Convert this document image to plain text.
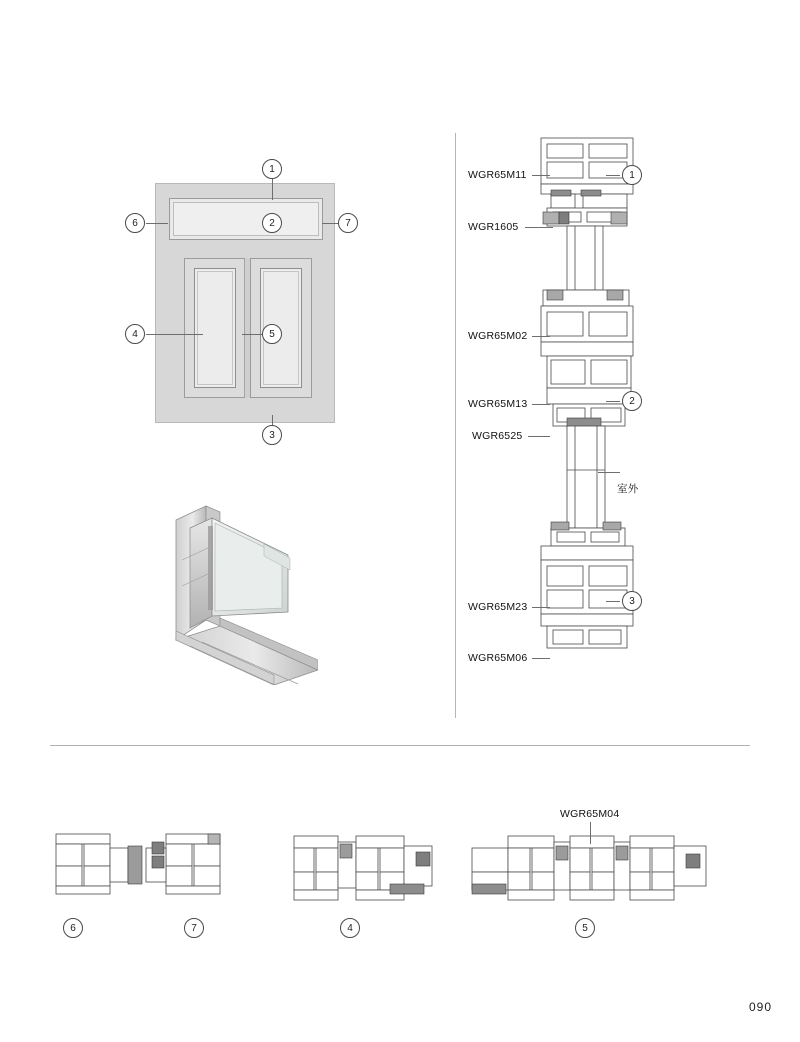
1
2
3
4	5
6	7
WGR65M11
WGR1605
WGR65M02
WGR65M13
WGR6525
室外
WGR65M23
WGR65M06
1
2
3
6	7	4	5
WGR65M04
090
